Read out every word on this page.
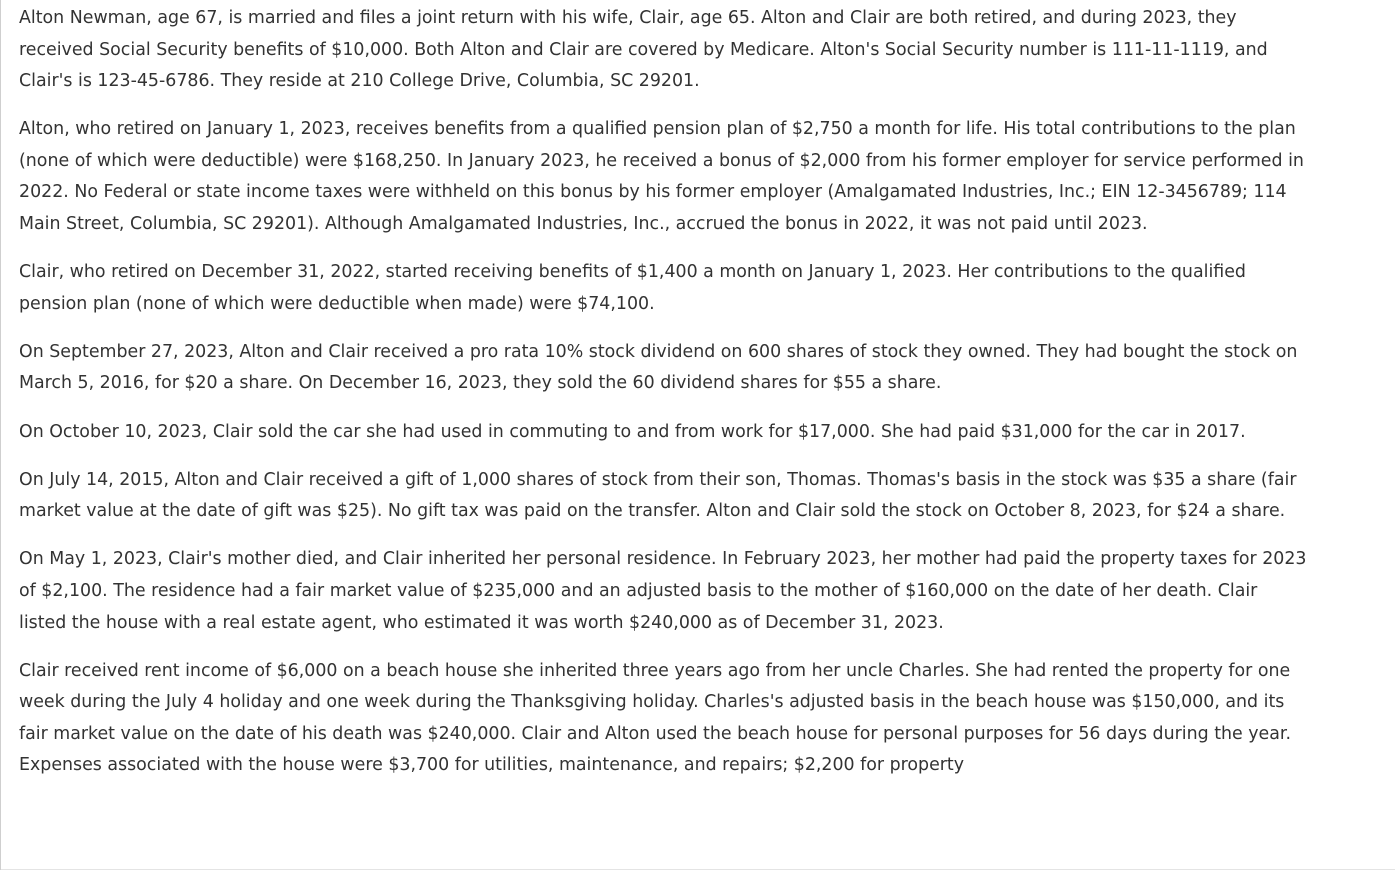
Alton Newman, age 67, is married and files a joint return with his wife, Clair, age 65. Alton and Clair are both retired, and during 2023, they received Social Security benefits of $10,000. Both Alton and Clair are covered by Medicare. Alton's Social Security number is 111-11-1119, and Clair's is 123-45-6786. They reside at 210 College Drive, Columbia, SC 29201.

Alton, who retired on January 1, 2023, receives benefits from a qualified pension plan of $2,750 a month for life. His total contributions to the plan (none of which were deductible) were $168,250. In January 2023, he received a bonus of $2,000 from his former employer for service performed in 2022. No Federal or state income taxes were withheld on this bonus by his former employer (Amalgamated Industries, Inc.; EIN 12-3456789; 114 Main Street, Columbia, SC 29201). Although Amalgamated Industries, Inc., accrued the bonus in 2022, it was not paid until 2023.

Clair, who retired on December 31, 2022, started receiving benefits of $1,400 a month on January 1, 2023. Her contributions to the qualified pension plan (none of which were deductible when made) were $74,100.

On September 27, 2023, Alton and Clair received a pro rata 10% stock dividend on 600 shares of stock they owned. They had bought the stock on March 5, 2016, for $20 a share. On December 16, 2023, they sold the 60 dividend shares for $55 a share.

On October 10, 2023, Clair sold the car she had used in commuting to and from work for $17,000. She had paid $31,000 for the car in 2017.

On July 14, 2015, Alton and Clair received a gift of 1,000 shares of stock from their son, Thomas. Thomas's basis in the stock was $35 a share (fair market value at the date of gift was $25). No gift tax was paid on the transfer. Alton and Clair sold the stock on October 8, 2023, for $24 a share.

On May 1, 2023, Clair's mother died, and Clair inherited her personal residence. In February 2023, her mother had paid the property taxes for 2023 of $2,100. The residence had a fair market value of $235,000 and an adjusted basis to the mother of $160,000 on the date of her death. Clair listed the house with a real estate agent, who estimated it was worth $240,000 as of December 31, 2023.

Clair received rent income of $6,000 on a beach house she inherited three years ago from her uncle Charles. She had rented the property for one week during the July 4 holiday and one week during the Thanksgiving holiday. Charles's adjusted basis in the beach house was $150,000, and its fair market value on the date of his death was $240,000. Clair and Alton used the beach house for personal purposes for 56 days during the year. Expenses associated with the house were $3,700 for utilities, maintenance, and repairs; $2,200 for property
